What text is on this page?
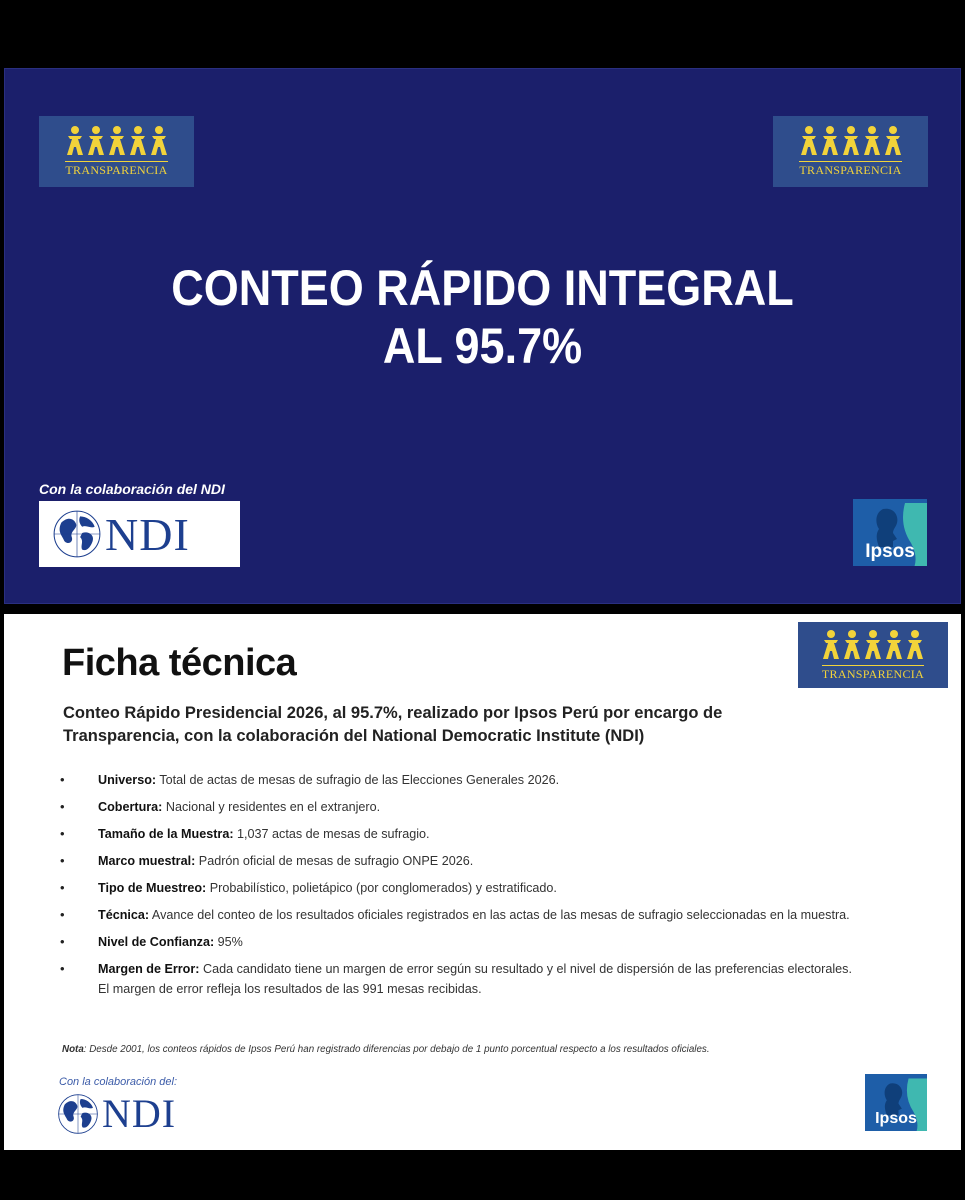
TRANSPARENCIA	TRANSPARENCIA
CONTEO RÁPIDO INTEGRAL
AL 95.7%
Con la colaboración del NDI
NDI	Ipsos
Ficha técnica	TRANSPARENCIA
Conteo Rápido Presidencial 2026, al 95.7%, realizado por Ipsos Perú por encargo de Transparencia, con la colaboración del National Democratic Institute (NDI)
• Universo: Total de actas de mesas de sufragio de las Elecciones Generales 2026.
• Cobertura: Nacional y residentes en el extranjero.
• Tamaño de la Muestra: 1,037 actas de mesas de sufragio.
• Marco muestral: Padrón oficial de mesas de sufragio ONPE 2026.
• Tipo de Muestreo: Probabilístico, polietápico (por conglomerados) y estratificado.
• Técnica: Avance del conteo de los resultados oficiales registrados en las actas de las mesas de sufragio seleccionadas en la muestra.
• Nivel de Confianza: 95%
• Margen de Error: Cada candidato tiene un margen de error según su resultado y el nivel de dispersión de las preferencias electorales. El margen de error refleja los resultados de las 991 mesas recibidas.
Nota: Desde 2001, los conteos rápidos de Ipsos Perú han registrado diferencias por debajo de 1 punto porcentual respecto a los resultados oficiales.
Con la colaboración del:
NDI	Ipsos
